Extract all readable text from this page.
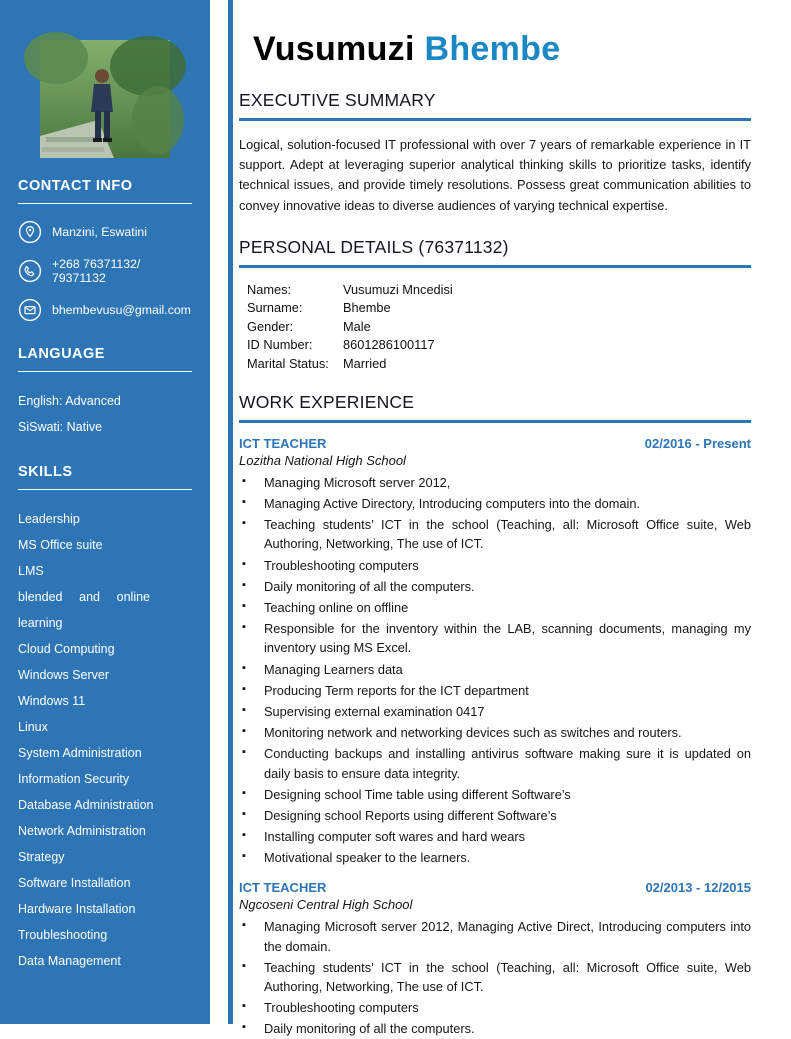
CONTACT INFO
Manzini, Eswatini
+268 76371132/ 79371132
bhembevusu@gmail.com
LANGUAGE
English: Advanced
SiSwati: Native
SKILLS
Leadership
MS Office suite
LMS
blended and online learning
Cloud Computing
Windows Server
Windows 11
Linux
System Administration
Information Security
Database Administration
Network Administration
Strategy
Software Installation
Hardware Installation
Troubleshooting
Data Management
Vusumuzi Bhembe
EXECUTIVE SUMMARY

Logical, solution-focused IT professional with over 7 years of remarkable experience in IT support. Adept at leveraging superior analytical thinking skills to prioritize tasks, identify technical issues, and provide timely resolutions. Possess great communication abilities to convey innovative ideas to diverse audiences of varying technical expertise.

PERSONAL DETAILS (76371132)
Names:	Vusumuzi Mncedisi
Surname:	Bhembe
Gender:	Male
ID Number:	8601286100117
Marital Status:	Married
WORK EXPERIENCE
ICT TEACHER	02/2016 - Present
Lozitha National High School
▪ Managing Microsoft server 2012,
▪ Managing Active Directory, Introducing computers into the domain.
▪ Teaching students’ ICT in the school (Teaching, all: Microsoft Office suite, Web Authoring, Networking, The use of ICT.
▪ Troubleshooting computers
▪ Daily monitoring of all the computers.
▪ Teaching online on offline
▪ Responsible for the inventory within the LAB, scanning documents, managing my inventory using MS Excel.
▪ Managing Learners data
▪ Producing Term reports for the ICT department
▪ Supervising external examination 0417
▪ Monitoring network and networking devices such as switches and routers.
▪ Conducting backups and installing antivirus software making sure it is updated on daily basis to ensure data integrity.
▪ Designing school Time table using different Software’s
▪ Designing school Reports using different Software’s
▪ Installing computer soft wares and hard wears
▪ Motivational speaker to the learners.
ICT TEACHER	02/2013 - 12/2015
Ngcoseni Central High School
▪ Managing Microsoft server 2012, Managing Active Direct, Introducing computers into the domain.
▪ Teaching students’ ICT in the school (Teaching, all: Microsoft Office suite, Web Authoring, Networking, The use of ICT.
▪ Troubleshooting computers
▪ Daily monitoring of all the computers.
